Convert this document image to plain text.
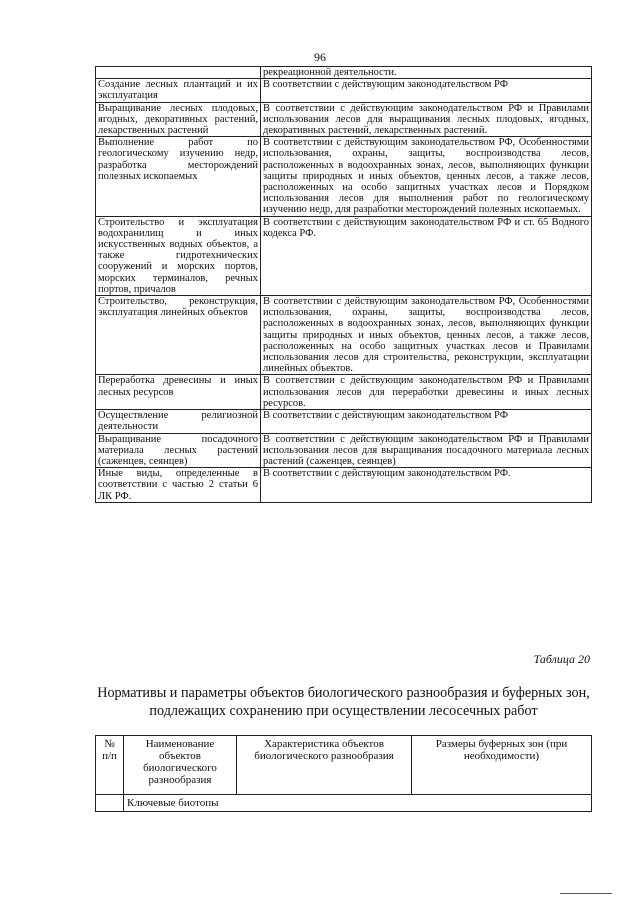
96
	рекреационной деятельности.
Создание лесных плантаций и их эксплуатация	В соответствии с действующим законодательством РФ
Выращивание лесных плодовых, ягодных, декоративных растений, лекарственных растений	В соответствии с действующим законодательством РФ и Правилами использования лесов для выращивания лесных плодовых, ягодных, декоративных растений, лекарственных растений.
Выполнение работ по геологическому изучению недр, разработка месторождений полезных ископаемых	В соответствии с действующим законодательством РФ, Особенностями использования, охраны, защиты, воспроизводства лесов, расположенных в водоохранных зонах, лесов, выполняющих функции защиты природных и иных объектов, ценных лесов, а также лесов, расположенных на особо защитных участках лесов и Порядком использования лесов для выполнения работ по геологическому изучению недр, для разработки месторождений полезных ископаемых.
Строительство и эксплуатация водохранилищ и иных искусственных водных объектов, а также гидротехнических сооружений и морских портов, морских терминалов, речных портов, причалов	В соответствии с действующим законодательством РФ и ст. 65 Водного кодекса РФ.
Строительство, реконструкция, эксплуатация линейных объектов	В соответствии с действующим законодательством РФ, Особенностями использования, охраны, защиты, воспроизводства лесов, расположенных в водоохранных зонах, лесов, выполняющих функции защиты природных и иных объектов, ценных лесов, а также лесов, расположенных на особо защитных участках лесов и Правилами использования лесов для строительства, реконструкции, эксплуатации линейных объектов.
Переработка древесины и иных лесных ресурсов	В соответствии с действующим законодательством РФ и Правилами использования лесов для переработки древесины и иных лесных ресурсов.
Осуществление религиозной деятельности	В соответствии с действующим законодательством РФ
Выращивание посадочного материала лесных растений (саженцев, сеянцев)	В соответствии с действующим законодательством РФ и Правилами использования лесов для выращивания посадочного материала лесных растений (саженцев, сеянцев)
Иные виды, определенные в соответствии с частью 2 статьи 6 ЛК РФ.	В соответствии с действующим законодательством РФ.
Таблица 20
Нормативы и параметры объектов биологического разнообразия и буферных зон, подлежащих сохранению при осуществлении лесосечных работ
№ п/п	Наименование объектов биологического разнообразия	Характеристика объектов биологического разнообразия	Размеры буферных зон (при необходимости)
	Ключевые биотопы		
